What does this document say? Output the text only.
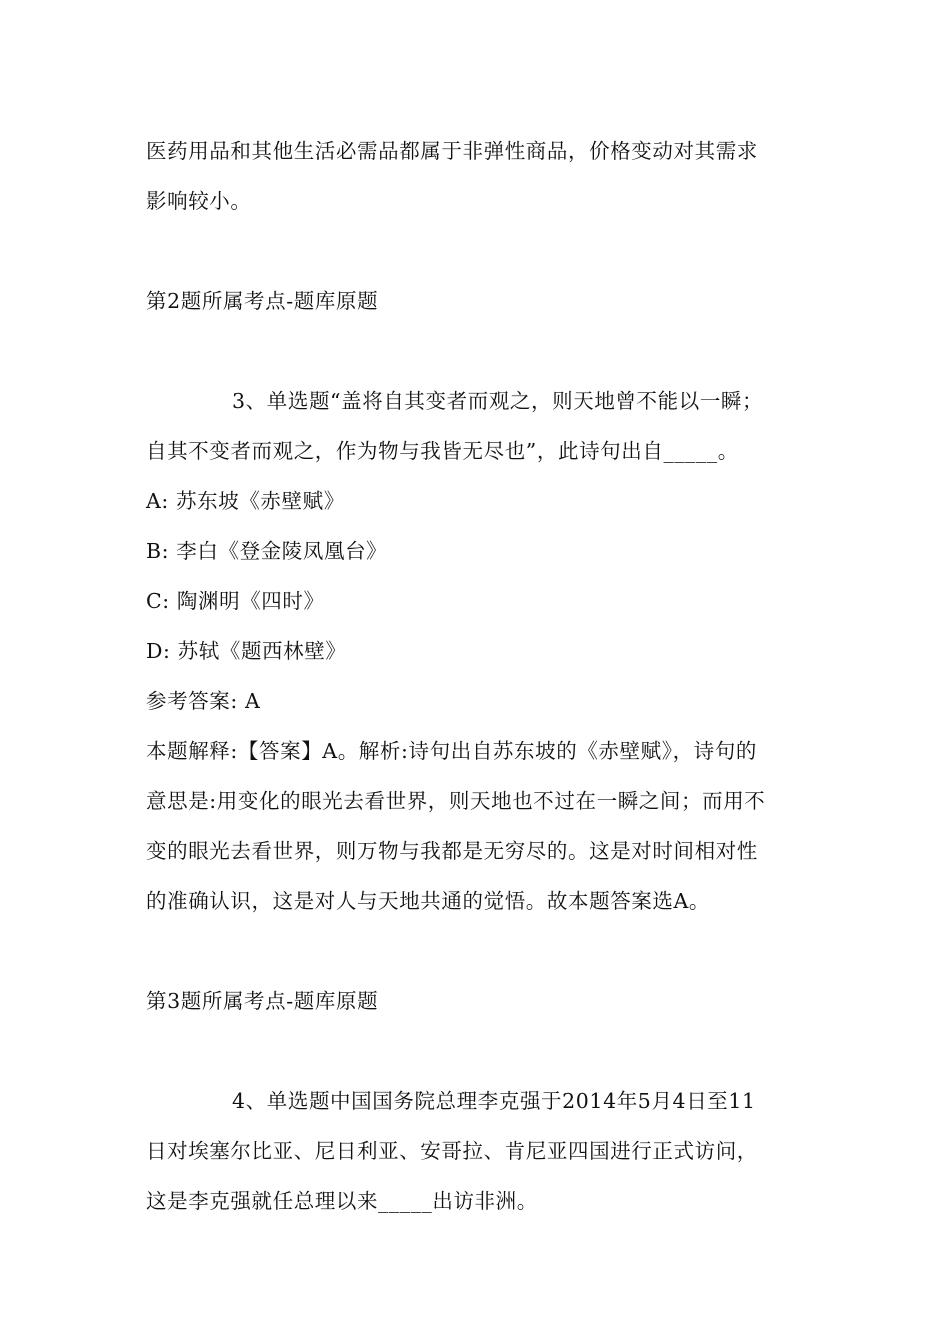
医药用品和其他生活必需品都属于非弹性商品，价格变动对其需求
影响较小。
第2题所属考点-题库原题
3、单选题“盖将自其变者而观之，则天地曾不能以一瞬；
自其不变者而观之，作为物与我皆无尽也”，此诗句出自_____。
A: 苏东坡《赤壁赋》
B: 李白《登金陵凤凰台》
C: 陶渊明《四时》
D: 苏轼《题西林壁》
参考答案: A
本题解释:【答案】A。解析:诗句出自苏东坡的《赤壁赋》，诗句的
意思是:用变化的眼光去看世界，则天地也不过在一瞬之间；而用不
变的眼光去看世界，则万物与我都是无穷尽的。这是对时间相对性
的准确认识，这是对人与天地共通的觉悟。故本题答案选A。
第3题所属考点-题库原题
4、单选题中国国务院总理李克强于2014年5月4日至11
日对埃塞尔比亚、尼日利亚、安哥拉、肯尼亚四国进行正式访问，
这是李克强就任总理以来_____出访非洲。
